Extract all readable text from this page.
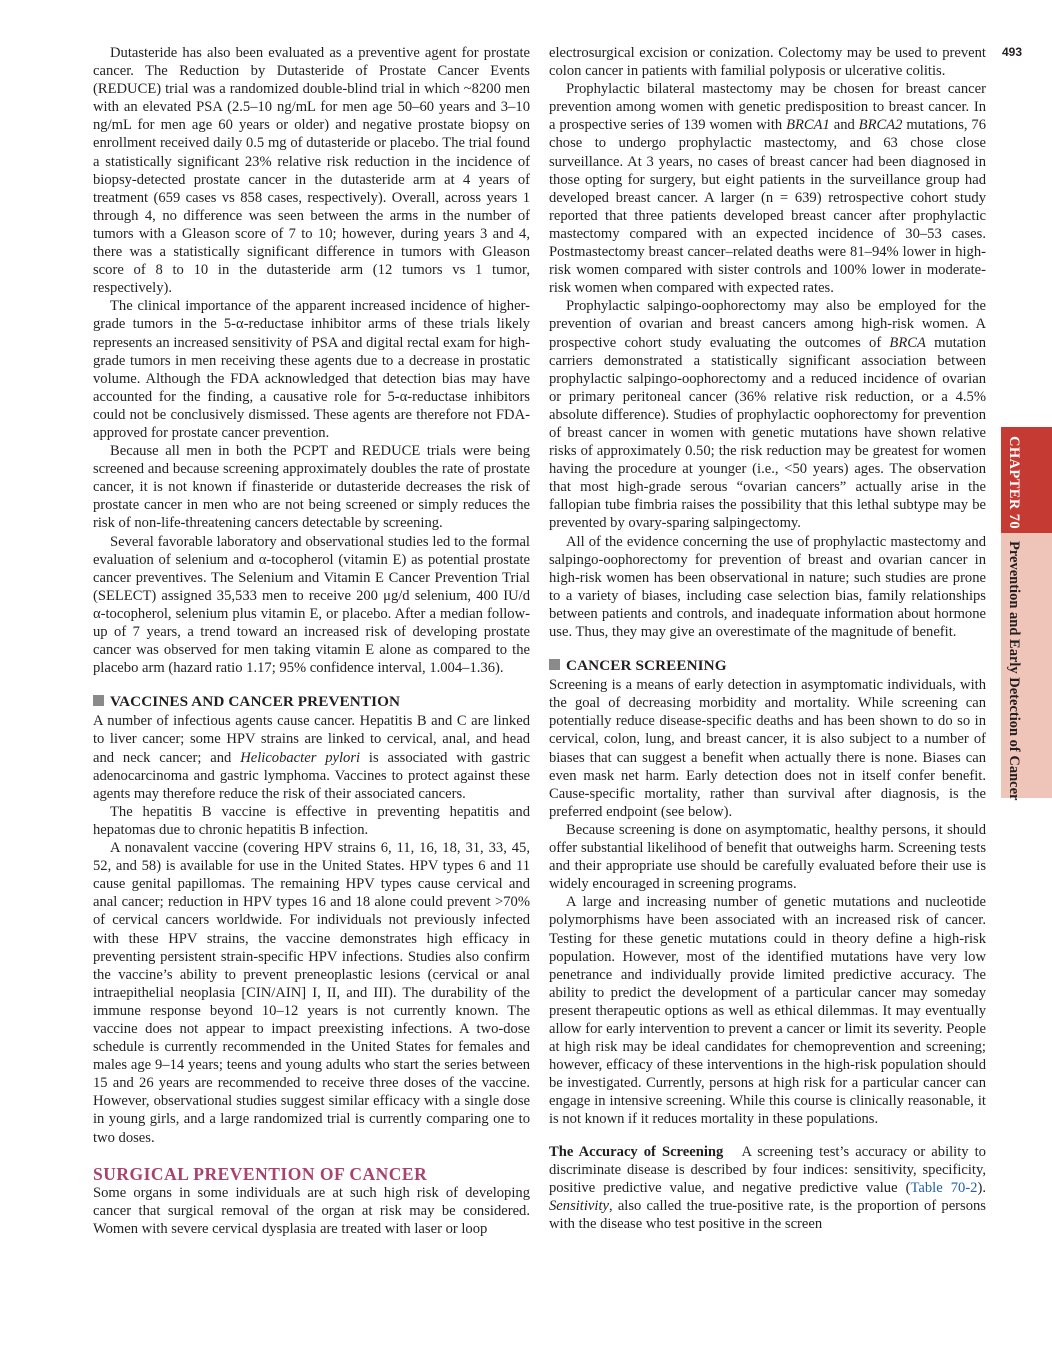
Dutasteride has also been evaluated as a preventive agent for prostate cancer. The Reduction by Dutasteride of Prostate Cancer Events (REDUCE) trial was a randomized double-blind trial in which ~8200 men with an elevated PSA (2.5–10 ng/mL for men age 50–60 years and 3–10 ng/mL for men age 60 years or older) and negative prostate biopsy on enrollment received daily 0.5 mg of dutasteride or placebo. The trial found a statistically significant 23% relative risk reduction in the incidence of biopsy-detected prostate cancer in the dutasteride arm at 4 years of treatment (659 cases vs 858 cases, respectively). Overall, across years 1 through 4, no difference was seen between the arms in the number of tumors with a Gleason score of 7 to 10; however, during years 3 and 4, there was a statistically significant difference in tumors with Gleason score of 8 to 10 in the dutasteride arm (12 tumors vs 1 tumor, respectively).

The clinical importance of the apparent increased incidence of higher-grade tumors in the 5-α-reductase inhibitor arms of these trials likely represents an increased sensitivity of PSA and digital rectal exam for high-grade tumors in men receiving these agents due to a decrease in prostatic volume. Although the FDA acknowledged that detection bias may have accounted for the finding, a causative role for 5-α-reductase inhibitors could not be conclusively dismissed. These agents are therefore not FDA-approved for prostate cancer prevention.

Because all men in both the PCPT and REDUCE trials were being screened and because screening approximately doubles the rate of prostate cancer, it is not known if finasteride or dutasteride decreases the risk of prostate cancer in men who are not being screened or simply reduces the risk of non-life-threatening cancers detectable by screening.

Several favorable laboratory and observational studies led to the formal evaluation of selenium and α-tocopherol (vitamin E) as potential prostate cancer preventives. The Selenium and Vitamin E Cancer Prevention Trial (SELECT) assigned 35,533 men to receive 200 μg/d selenium, 400 IU/d α-tocopherol, selenium plus vitamin E, or placebo. After a median follow-up of 7 years, a trend toward an increased risk of developing prostate cancer was observed for men taking vitamin E alone as compared to the placebo arm (hazard ratio 1.17; 95% confidence interval, 1.004–1.36).

VACCINES AND CANCER PREVENTION

A number of infectious agents cause cancer. Hepatitis B and C are linked to liver cancer; some HPV strains are linked to cervical, anal, and head and neck cancer; and Helicobacter pylori is associated with gastric adenocarcinoma and gastric lymphoma. Vaccines to protect against these agents may therefore reduce the risk of their associated cancers.

The hepatitis B vaccine is effective in preventing hepatitis and hepatomas due to chronic hepatitis B infection.

A nonavalent vaccine (covering HPV strains 6, 11, 16, 18, 31, 33, 45, 52, and 58) is available for use in the United States. HPV types 6 and 11 cause genital papillomas. The remaining HPV types cause cervical and anal cancer; reduction in HPV types 16 and 18 alone could prevent >70% of cervical cancers worldwide. For individuals not previously infected with these HPV strains, the vaccine demonstrates high efficacy in preventing persistent strain-specific HPV infections. Studies also confirm the vaccine’s ability to prevent preneoplastic lesions (cervical or anal intraepithelial neoplasia [CIN/AIN] I, II, and III). The durability of the immune response beyond 10–12 years is not currently known. The vaccine does not appear to impact preexisting infections. A two-dose schedule is currently recommended in the United States for females and males age 9–14 years; teens and young adults who start the series between 15 and 26 years are recommended to receive three doses of the vaccine. However, observational studies suggest similar efficacy with a single dose in young girls, and a large randomized trial is currently comparing one to two doses.

SURGICAL PREVENTION OF CANCER

Some organs in some individuals are at such high risk of developing cancer that surgical removal of the organ at risk may be considered. Women with severe cervical dysplasia are treated with laser or loop

electrosurgical excision or conization. Colectomy may be used to prevent colon cancer in patients with familial polyposis or ulcerative colitis.

Prophylactic bilateral mastectomy may be chosen for breast cancer prevention among women with genetic predisposition to breast cancer. In a prospective series of 139 women with BRCA1 and BRCA2 mutations, 76 chose to undergo prophylactic mastectomy, and 63 chose close surveillance. At 3 years, no cases of breast cancer had been diagnosed in those opting for surgery, but eight patients in the surveillance group had developed breast cancer. A larger (n = 639) retrospective cohort study reported that three patients developed breast cancer after prophylactic mastectomy compared with an expected incidence of 30–53 cases. Postmastectomy breast cancer–related deaths were 81–94% lower in high-risk women compared with sister controls and 100% lower in moderate-risk women when compared with expected rates.

Prophylactic salpingo-oophorectomy may also be employed for the prevention of ovarian and breast cancers among high-risk women. A prospective cohort study evaluating the outcomes of BRCA mutation carriers demonstrated a statistically significant association between prophylactic salpingo-oophorectomy and a reduced incidence of ovarian or primary peritoneal cancer (36% relative risk reduction, or a 4.5% absolute difference). Studies of prophylactic oophorectomy for prevention of breast cancer in women with genetic mutations have shown relative risks of approximately 0.50; the risk reduction may be greatest for women having the procedure at younger (i.e., <50 years) ages. The observation that most high-grade serous “ovarian cancers” actually arise in the fallopian tube fimbria raises the possibility that this lethal subtype may be prevented by ovary-sparing salpingectomy.

All of the evidence concerning the use of prophylactic mastectomy and salpingo-oophorectomy for prevention of breast and ovarian cancer in high-risk women has been observational in nature; such studies are prone to a variety of biases, including case selection bias, family relationships between patients and controls, and inadequate information about hormone use. Thus, they may give an overestimate of the magnitude of benefit.

CANCER SCREENING

Screening is a means of early detection in asymptomatic individuals, with the goal of decreasing morbidity and mortality. While screening can potentially reduce disease-specific deaths and has been shown to do so in cervical, colon, lung, and breast cancer, it is also subject to a number of biases that can suggest a benefit when actually there is none. Biases can even mask net harm. Early detection does not in itself confer benefit. Cause-specific mortality, rather than survival after diagnosis, is the preferred endpoint (see below).

Because screening is done on asymptomatic, healthy persons, it should offer substantial likelihood of benefit that outweighs harm. Screening tests and their appropriate use should be carefully evaluated before their use is widely encouraged in screening programs.

A large and increasing number of genetic mutations and nucleotide polymorphisms have been associated with an increased risk of cancer. Testing for these genetic mutations could in theory define a high-risk population. However, most of the identified mutations have very low penetrance and individually provide limited predictive accuracy. The ability to predict the development of a particular cancer may someday present therapeutic options as well as ethical dilemmas. It may eventually allow for early intervention to prevent a cancer or limit its severity. People at high risk may be ideal candidates for chemoprevention and screening; however, efficacy of these interventions in the high-risk population should be investigated. Currently, persons at high risk for a particular cancer can engage in intensive screening. While this course is clinically reasonable, it is not known if it reduces mortality in these populations.

The Accuracy of Screening A screening test’s accuracy or ability to discriminate disease is described by four indices: sensitivity, specificity, positive predictive value, and negative predictive value (Table 70-2). Sensitivity, also called the true-positive rate, is the proportion of persons with the disease who test positive in the screen

493
CHAPTER 70
Prevention and Early Detection of Cancer
